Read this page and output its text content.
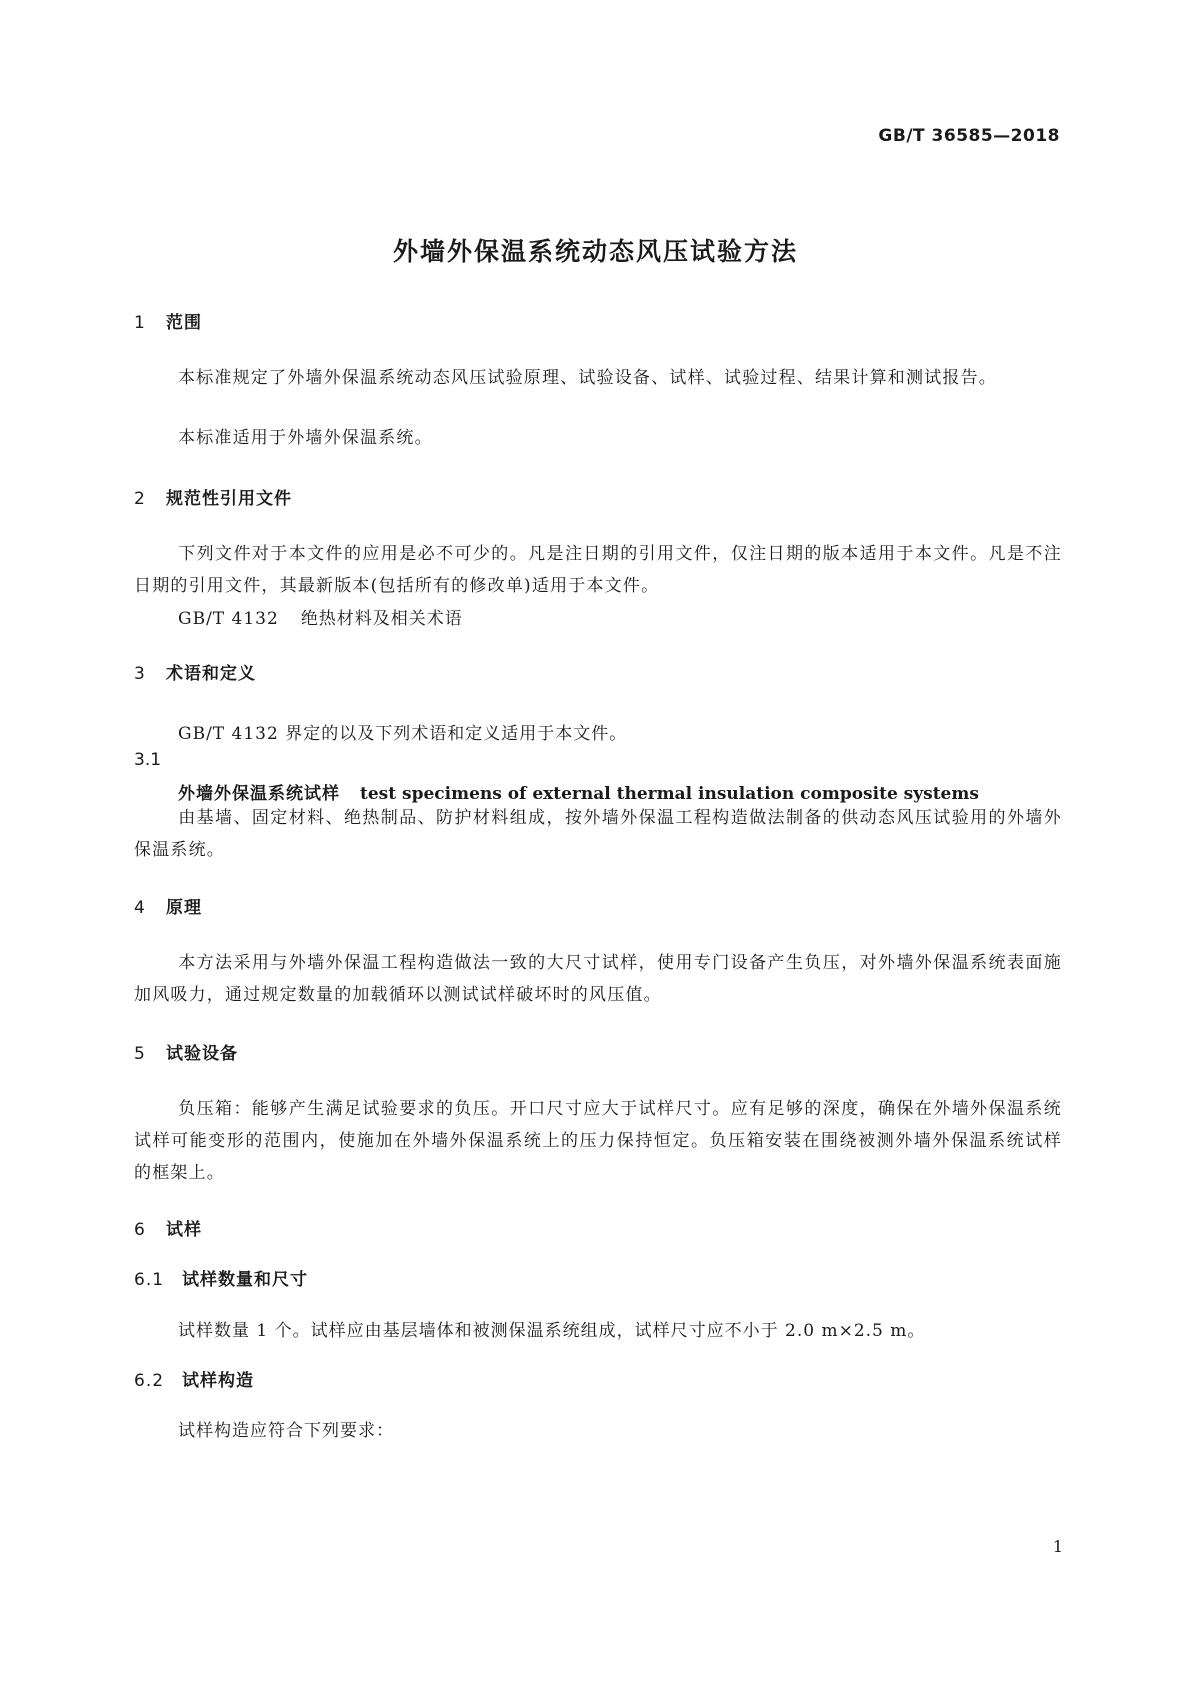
GB/T 36585—2018
外墙外保温系统动态风压试验方法
1 范围
本标准规定了外墙外保温系统动态风压试验原理、试验设备、试样、试验过程、结果计算和测试报告。
本标准适用于外墙外保温系统。
2 规范性引用文件
下列文件对于本文件的应用是必不可少的。凡是注日期的引用文件，仅注日期的版本适用于本文件。凡是不注日期的引用文件，其最新版本(包括所有的修改单)适用于本文件。
GB/T 4132 绝热材料及相关术语
3 术语和定义
GB/T 4132 界定的以及下列术语和定义适用于本文件。
3.1
外墙外保温系统试样 test specimens of external thermal insulation composite systems
由基墙、固定材料、绝热制品、防护材料组成，按外墙外保温工程构造做法制备的供动态风压试验用的外墙外保温系统。
4 原理
本方法采用与外墙外保温工程构造做法一致的大尺寸试样，使用专门设备产生负压，对外墙外保温系统表面施加风吸力，通过规定数量的加载循环以测试试样破坏时的风压值。
5 试验设备
负压箱：能够产生满足试验要求的负压。开口尺寸应大于试样尺寸。应有足够的深度，确保在外墙外保温系统试样可能变形的范围内，使施加在外墙外保温系统上的压力保持恒定。负压箱安装在围绕被测外墙外保温系统试样的框架上。
6 试样
6.1 试样数量和尺寸
试样数量 1 个。试样应由基层墙体和被测保温系统组成，试样尺寸应不小于 2.0 m×2.5 m。
6.2 试样构造
试样构造应符合下列要求：
1
